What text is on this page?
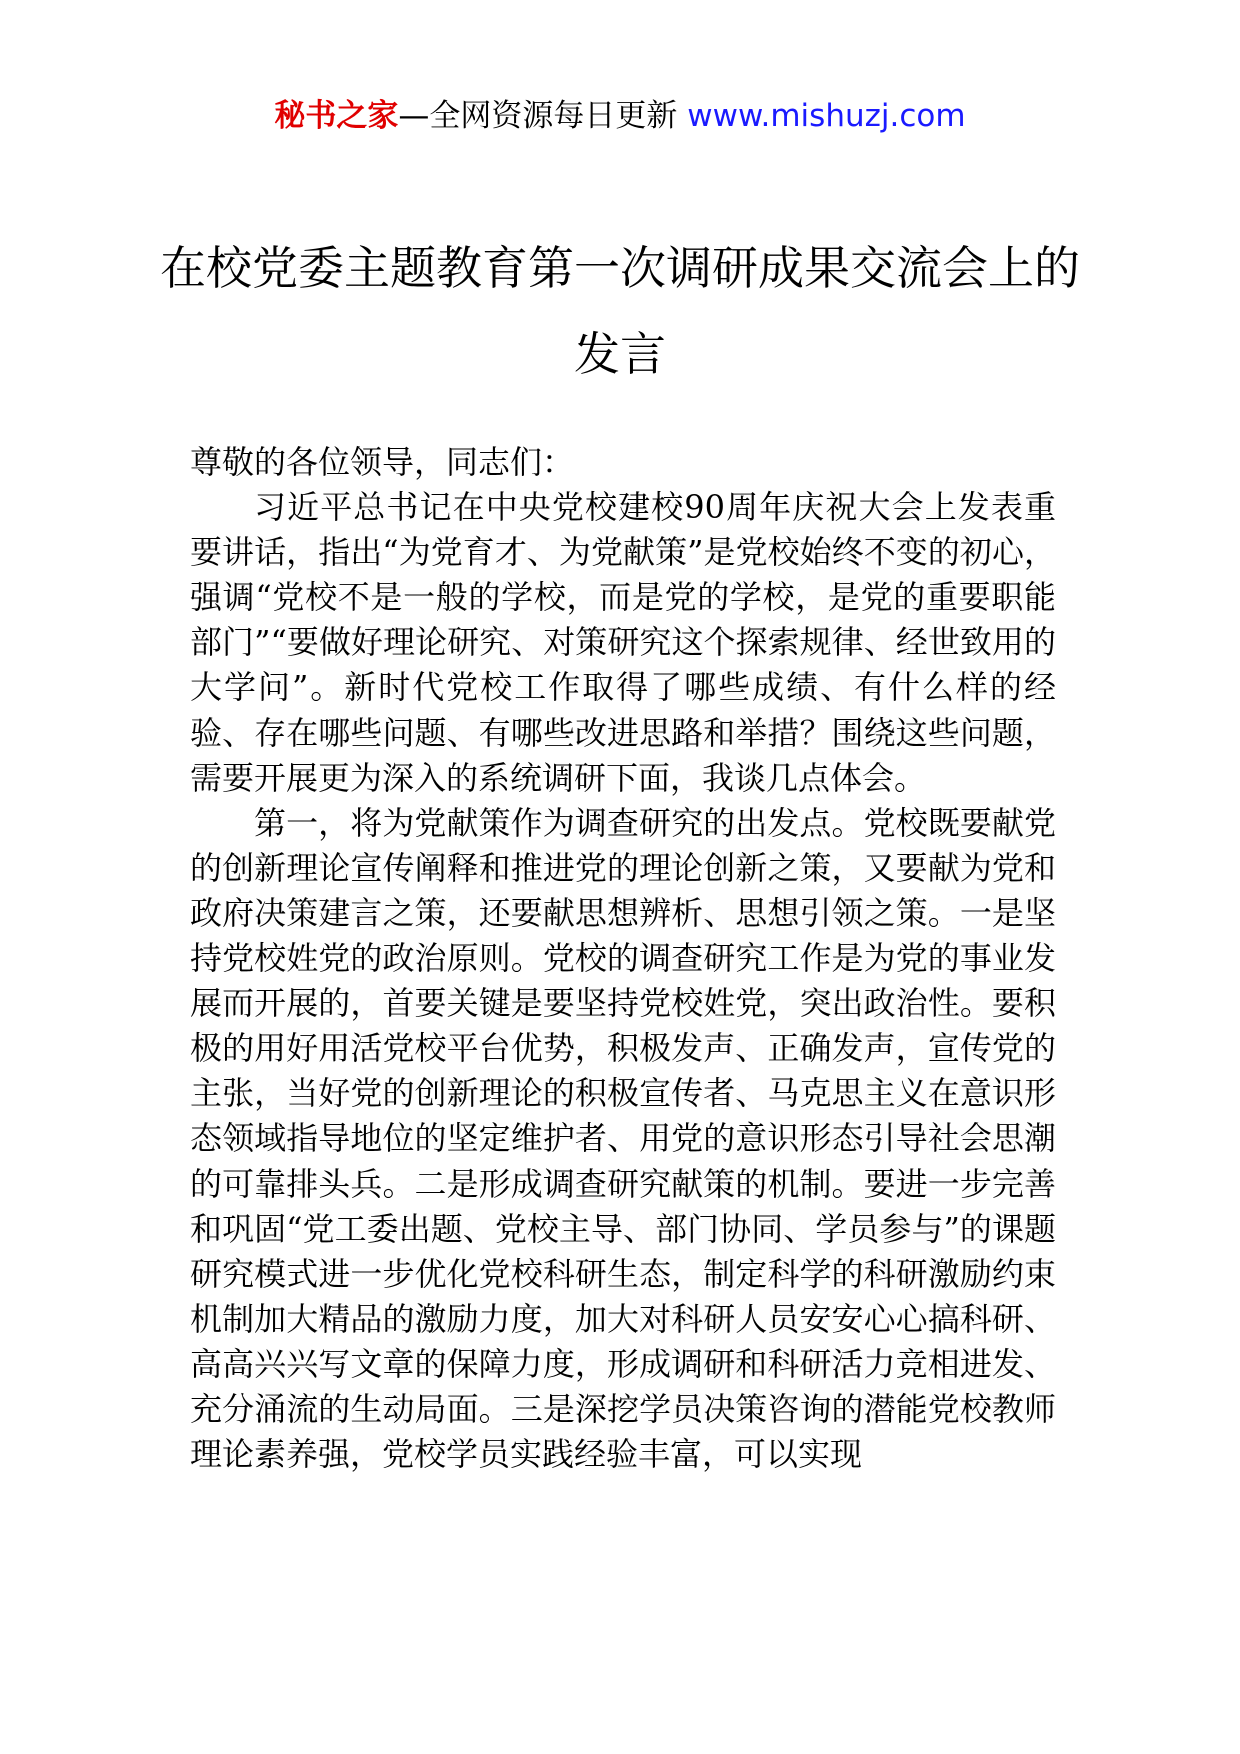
秘书之家—全网资源每日更新 www.mishuzj.com
在校党委主题教育第一次调研成果交流会上的发言

尊敬的各位领导，同志们：

习近平总书记在中央党校建校90周年庆祝大会上发表重要讲话，指出“为党育才、为党献策”是党校始终不变的初心，强调“党校不是一般的学校，而是党的学校，是党的重要职能部门”“要做好理论研究、对策研究这个探索规律、经世致用的大学问”。新时代党校工作取得了哪些成绩、有什么样的经验、存在哪些问题、有哪些改进思路和举措？围绕这些问题，需要开展更为深入的系统调研下面，我谈几点体会。

第一，将为党献策作为调查研究的出发点。党校既要献党的创新理论宣传阐释和推进党的理论创新之策，又要献为党和政府决策建言之策，还要献思想辨析、思想引领之策。一是坚持党校姓党的政治原则。党校的调查研究工作是为党的事业发展而开展的，首要关键是要坚持党校姓党，突出政治性。要积极的用好用活党校平台优势，积极发声、正确发声，宣传党的主张，当好党的创新理论的积极宣传者、马克思主义在意识形态领域指导地位的坚定维护者、用党的意识形态引导社会思潮的可靠排头兵。二是形成调查研究献策的机制。要进一步完善和巩固“党工委出题、党校主导、部门协同、学员参与”的课题研究模式进一步优化党校科研生态，制定科学的科研激励约束机制加大精品的激励力度，加大对科研人员安安心心搞科研、高高兴兴写文章的保障力度，形成调研和科研活力竞相进发、充分涌流的生动局面。三是深挖学员决策咨询的潜能党校教师理论素养强，党校学员实践经验丰富，可以实现
